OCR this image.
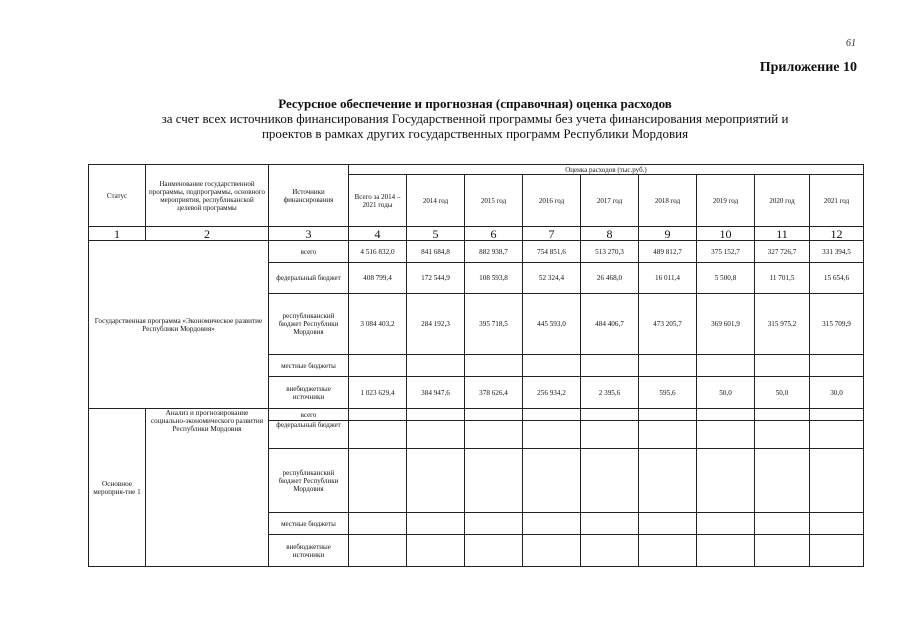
61
Приложение 10
Ресурсное обеспечение и прогнозная (справочная) оценка расходов
за счет всех источников финансирования Государственной программы без учета финансирования мероприятий и
проектов в рамках других государственных программ Республики Мордовия
Статус	Наименование государственной программы, подпрограммы, основного мероприятия, республиканской целевой программы	Источники финансирования	Оценка расходов (тыс.руб.)								
			Всего за 2014 – 2021 годы	2014 год	2015 год	2016 год	2017 год	2018 год	2019 год	2020 год	2021 год
1	2	3	4	5	6	7	8	9	10	11	12
Государственная программа «Экономическое развитие Республики Мордовия»		всего	4 516 832,0	841 684,8	882 938,7	754 851,6	513 270,3	489 812,7	375 152,7	327 726,7	331 394,5
		федеральный бюджет	408 799,4	172 544,9	108 593,8	52 324,4	26 468,0	16 011,4	5 500,8	11 701,5	15 654,6
		республиканский бюджет Республики Мордовия	3 084 403,2	284 192,3	395 718,5	445 593,0	484 406,7	473 205,7	369 601,9	315 975,2	315 709,9
		местные бюджеты									
		внебюджетные источники	1 023 629,4	384 947,6	378 626,4	256 934,2	2 395,6	595,6	50,0	50,0	30,0
Основное мероприя-тие 1	Анализ и прогнозирование социально-экономического развития Республики Мордовия	всего									
		федеральный бюджет									
		республиканский бюджет Республики Мордовия									
		местные бюджеты									
		внебюджетные источники									
